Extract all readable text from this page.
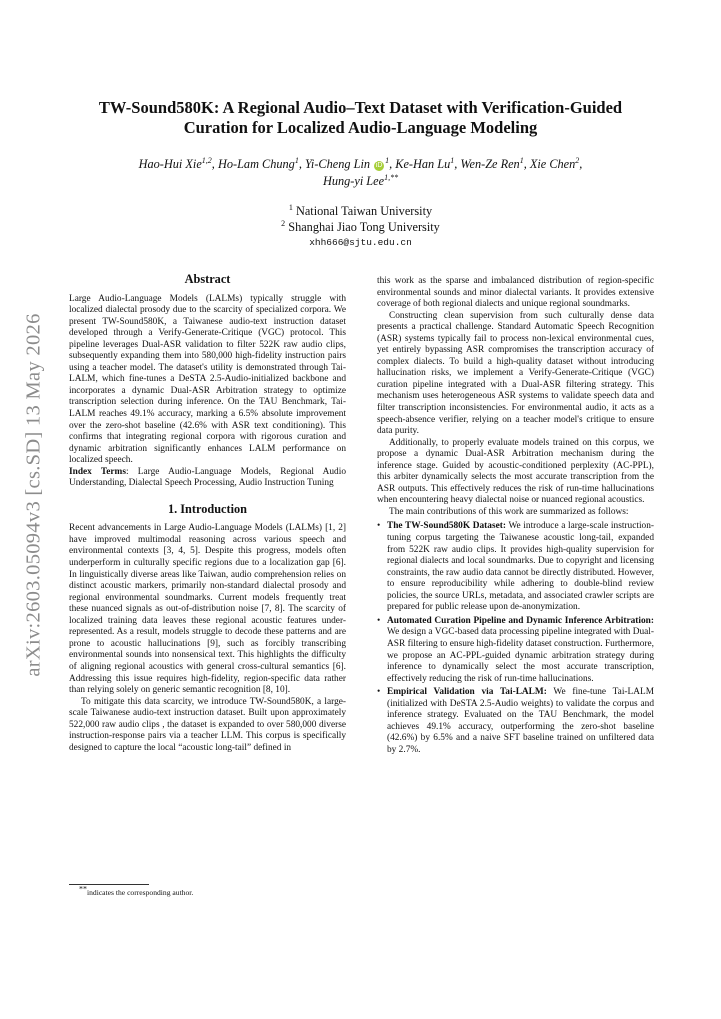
arXiv:2603.05094v3 [cs.SD] 13 May 2026
TW-Sound580K: A Regional Audio–Text Dataset with Verification-Guided
Curation for Localized Audio-Language Modeling
Hao-Hui Xie$^{1,2}$, Ho-Lam Chung$^1$, Yi-Cheng Lin $iD^1$, Ke-Han Lu$^1$, Wen-Ze Ren$^1$, Xie Chen$^2$,
Hung-yi Lee$^{1,**}$
$^1$ National Taiwan University
$^2$ Shanghai Jiao Tong University
xhh666@sjtu.edu.cn
Abstract

Large Audio-Language Models (LALMs) typically struggle with localized dialectal prosody due to the scarcity of specialized corpora. We present TW-Sound580K, a Taiwanese audio-text instruction dataset developed through a Verify-Generate-Critique (VGC) protocol. This pipeline leverages Dual-ASR validation to filter 522K raw audio clips, subsequently expanding them into 580,000 high-fidelity instruction pairs using a teacher model. The dataset's utility is demonstrated through Tai-LALM, which fine-tunes a DeSTA 2.5-Audio-initialized backbone and incorporates a dynamic Dual-ASR Arbitration strategy to optimize transcription selection during inference. On the TAU Benchmark, Tai-LALM reaches 49.1% accuracy, marking a 6.5% absolute improvement over the zero-shot baseline (42.6% with ASR text conditioning). This confirms that integrating regional corpora with rigorous curation and dynamic arbitration significantly enhances LALM performance on localized speech.

Index Terms: Large Audio-Language Models, Regional Audio Understanding, Dialectal Speech Processing, Audio Instruction Tuning

1. Introduction

Recent advancements in Large Audio-Language Models (LALMs) [1, 2] have improved multimodal reasoning across various speech and environmental contexts [3, 4, 5]. Despite this progress, models often underperform in culturally specific regions due to a localization gap [6]. In linguistically diverse areas like Taiwan, audio comprehension relies on distinct acoustic markers, primarily non-standard dialectal prosody and regional environmental soundmarks. Current models frequently treat these nuanced signals as out-of-distribution noise [7, 8]. The scarcity of localized training data leaves these regional acoustic features under-represented. As a result, models struggle to decode these patterns and are prone to acoustic hallucinations [9], such as forcibly transcribing environmental sounds into nonsensical text. This highlights the difficulty of aligning regional acoustics with general cross-cultural semantics [6]. Addressing this issue requires high-fidelity, region-specific data rather than relying solely on generic semantic recognition [8, 10].

To mitigate this data scarcity, we introduce TW-Sound580K, a large-scale Taiwanese audio-text instruction dataset. Built upon approximately 522,000 raw audio clips , the dataset is expanded to over 580,000 diverse instruction-response pairs via a teacher LLM. This corpus is specifically designed to capture the local “acoustic long-tail” defined in

**indicates the corresponding author.

this work as the sparse and imbalanced distribution of region-specific environmental sounds and minor dialectal variants. It provides extensive coverage of both regional dialects and unique regional soundmarks.

Constructing clean supervision from such culturally dense data presents a practical challenge. Standard Automatic Speech Recognition (ASR) systems typically fail to process non-lexical environmental cues, yet entirely bypassing ASR compromises the transcription accuracy of complex dialects. To build a high-quality dataset without introducing hallucination risks, we implement a Verify-Generate-Critique (VGC) curation pipeline integrated with a Dual-ASR filtering strategy. This mechanism uses heterogeneous ASR systems to validate speech data and filter transcription inconsistencies. For environmental audio, it acts as a speech-absence verifier, relying on a teacher model's critique to ensure data purity.

Additionally, to properly evaluate models trained on this corpus, we propose a dynamic Dual-ASR Arbitration mechanism during the inference stage. Guided by acoustic-conditioned perplexity (AC-PPL), this arbiter dynamically selects the most accurate transcription from the ASR outputs. This effectively reduces the risk of run-time hallucinations when encountering heavy dialectal noise or nuanced regional acoustics.

The main contributions of this work are summarized as follows:

• The TW-Sound580K Dataset: We introduce a large-scale instruction-tuning corpus targeting the Taiwanese acoustic long-tail, expanded from 522K raw audio clips. It provides high-quality supervision for regional dialects and local soundmarks. Due to copyright and licensing constraints, the raw audio data cannot be directly distributed. However, to ensure reproducibility while adhering to double-blind review policies, the source URLs, metadata, and associated crawler scripts are prepared for public release upon de-anonymization.
• Automated Curation Pipeline and Dynamic Inference Arbitration: We design a VGC-based data processing pipeline integrated with Dual-ASR filtering to ensure high-fidelity dataset construction. Furthermore, we propose an AC-PPL-guided dynamic arbitration strategy during inference to dynamically select the most accurate transcription, effectively reducing the risk of run-time hallucinations.
• Empirical Validation via Tai-LALM: We fine-tune Tai-LALM (initialized with DeSTA 2.5-Audio weights) to validate the corpus and inference strategy. Evaluated on the TAU Benchmark, the model achieves 49.1% accuracy, outperforming the zero-shot baseline (42.6%) by 6.5% and a naive SFT baseline trained on unfiltered data by 2.7%.
